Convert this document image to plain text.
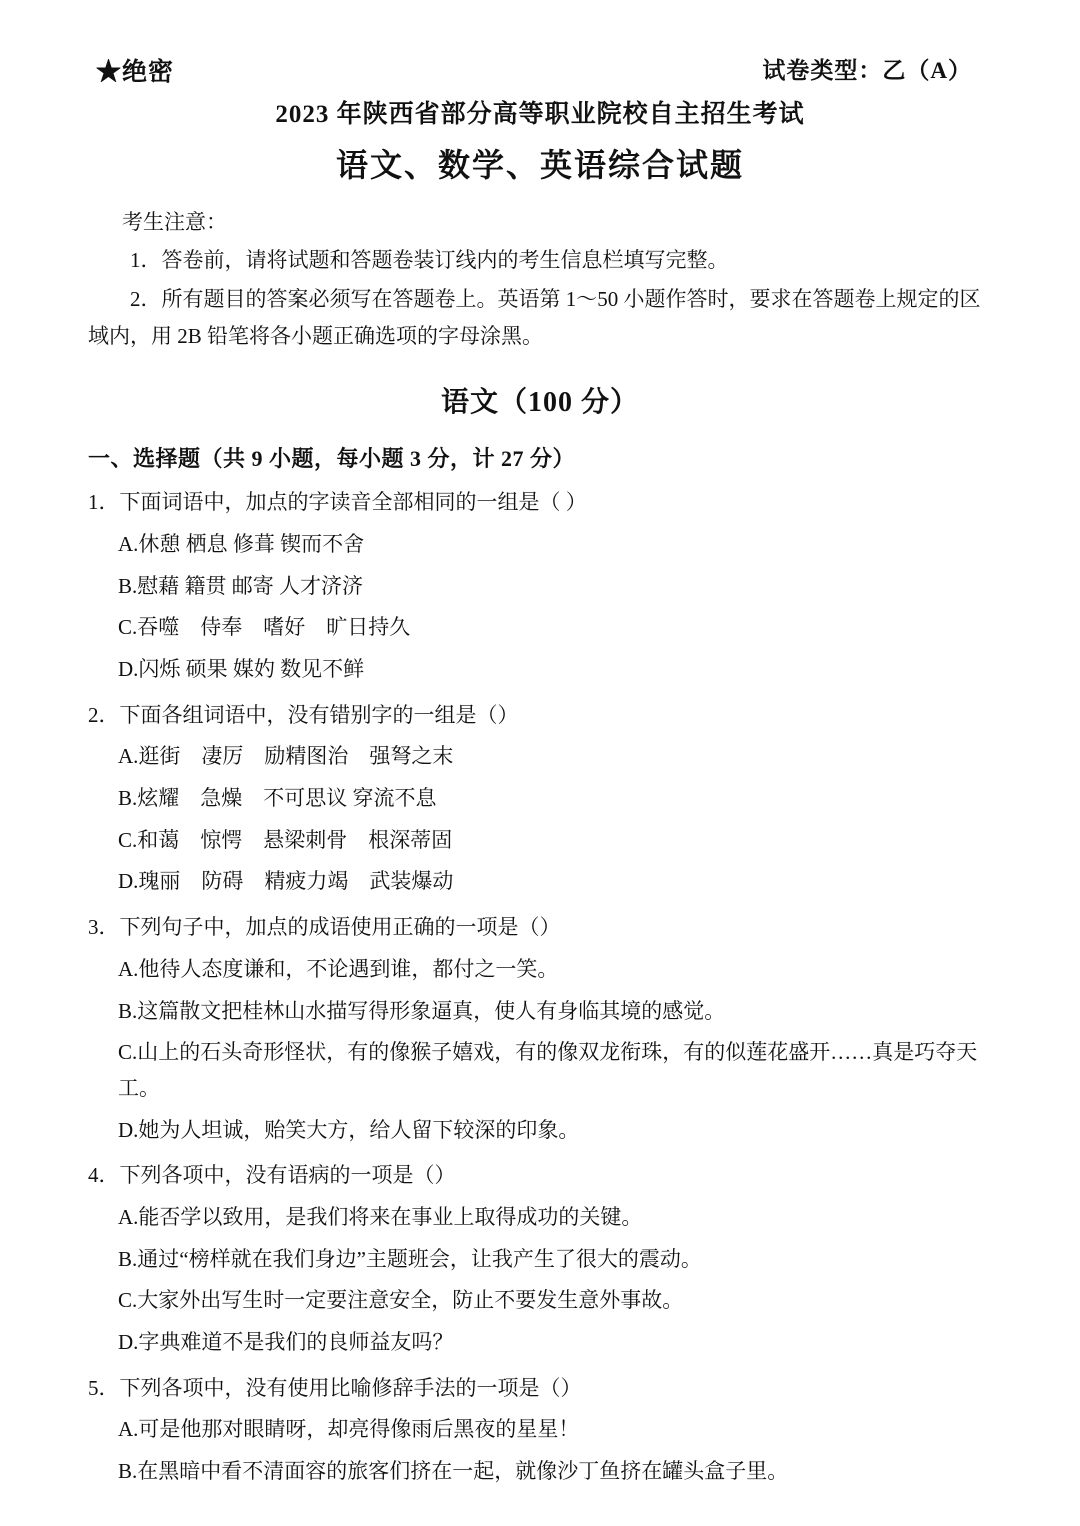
★绝密	试卷类型：乙（A）
2023 年陕西省部分高等职业院校自主招生考试
语文、数学、英语综合试题
考生注意：
1．答卷前，请将试题和答题卷装订线内的考生信息栏填写完整。
2．所有题目的答案必须写在答题卷上。英语第 1～50 小题作答时，要求在答题卷上规定的区域内，用 2B 铅笔将各小题正确选项的字母涂黑。
语文（100 分）
一、选择题（共 9 小题，每小题 3 分，计 27 分）
1．下面词语中，加点的字读音全部相同的一组是（ ）
A.休憩 栖息 修葺 锲而不舍
B.慰藉 籍贯 邮寄 人才济济
C.吞噬　侍奉　嗜好　旷日持久
D.闪烁 硕果 媒妁 数见不鲜
2．下面各组词语中，没有错别字的一组是（）
A.逛街　凄厉　励精图治　强弩之末
B.炫耀　急燥　不可思议 穿流不息
C.和蔼　惊愕　悬梁刺骨　根深蒂固
D.瑰丽　防碍　精疲力竭　武装爆动
3．下列句子中，加点的成语使用正确的一项是（）
A.他待人态度谦和，不论遇到谁，都付之一笑。
B.这篇散文把桂林山水描写得形象逼真，使人有身临其境的感觉。
C.山上的石头奇形怪状，有的像猴子嬉戏，有的像双龙衔珠，有的似莲花盛开……真是巧夺天工。
D.她为人坦诚，贻笑大方，给人留下较深的印象。
4．下列各项中，没有语病的一项是（）
A.能否学以致用，是我们将来在事业上取得成功的关键。
B.通过“榜样就在我们身边”主题班会，让我产生了很大的震动。
C.大家外出写生时一定要注意安全，防止不要发生意外事故。
D.字典难道不是我们的良师益友吗？
5．下列各项中，没有使用比喻修辞手法的一项是（）
A.可是他那对眼睛呀，却亮得像雨后黑夜的星星！
B.在黑暗中看不清面容的旅客们挤在一起，就像沙丁鱼挤在罐头盒子里。
